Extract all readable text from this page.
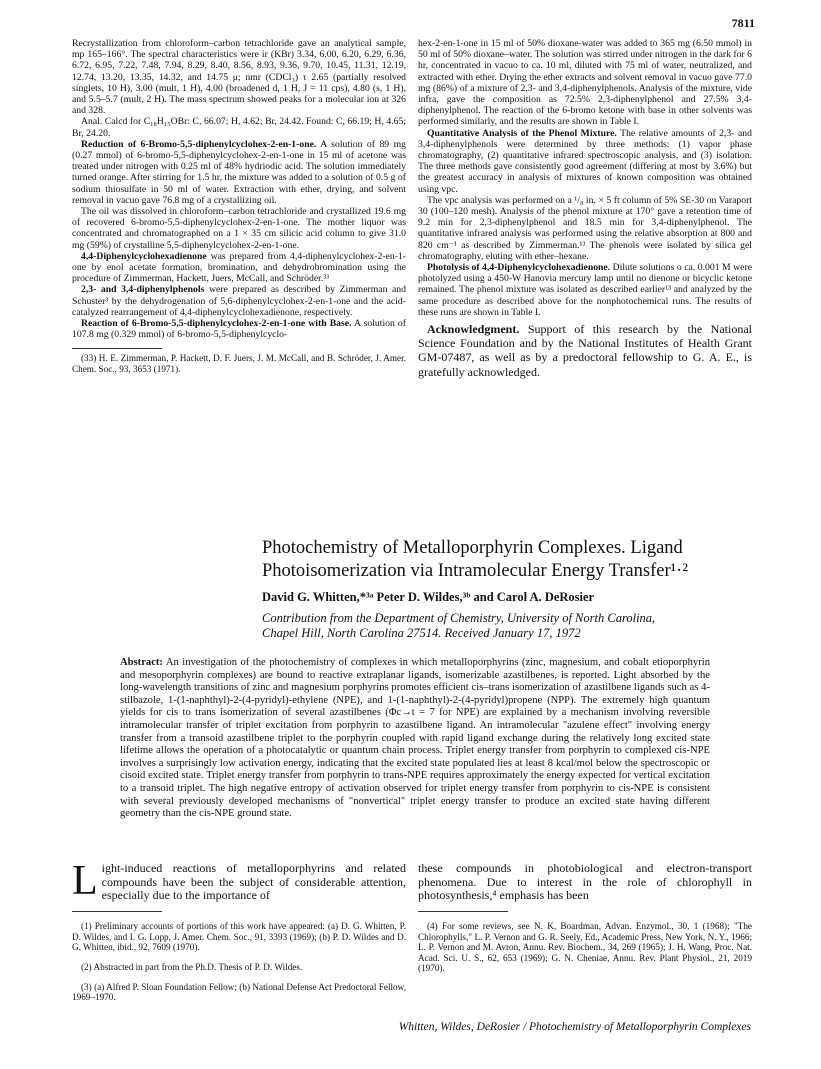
7811

Recrystallization from chloroform–carbon tetrachloride gave an analytical sample, mp 165–166°. The spectral characteristics were ir (KBr) 3.34, 6.00, 6.20, 6.29, 6.36, 6.72, 6.95, 7.22, 7.48, 7.94, 8.29, 8.40, 8.56, 8.93, 9.36, 9.70, 10.45, 11.31, 12.19, 12.74, 13.20, 13.35, 14.32, and 14.75 μ; nmr (CDCl₃) τ 2.65 (partially resolved singlets, 10 H), 3.00 (mult, 1 H), 4.00 (broadened d, 1 H, J = 11 cps), 4.80 (s, 1 H), and 5.5–5.7 (mult, 2 H). The mass spectrum showed peaks for a molecular ion at 326 and 328.

Anal. Calcd for C₁₈H₁₅OBr: C, 66.07; H, 4.62; Br, 24.42. Found: C, 66.19; H, 4.65; Br, 24.20.

Reduction of 6-Bromo-5,5-diphenylcyclohex-2-en-1-one. A solution of 89 mg (0.27 mmol) of 6-bromo-5,5-diphenylcyclohex-2-en-1-one in 15 ml of acetone was treated under nitrogen with 0.25 ml of 48% hydriodic acid. The solution immediately turned orange. After stirring for 1.5 hr, the mixture was added to a solution of 0.5 g of sodium thiosulfate in 50 ml of water. Extraction with ether, drying, and solvent removal in vacuo gave 76.8 mg of a crystallizing oil.

The oil was dissolved in chloroform–carbon tetrachloride and crystallized 19.6 mg of recovered 6-bromo-5,5-diphenylcyclohex-2-en-1-one. The mother liquor was concentrated and chromatographed on a 1 × 35 cm silicic acid column to give 31.0 mg (59%) of crystalline 5,5-diphenylcyclohex-2-en-1-one.

4,4-Diphenylcyclohexadienone was prepared from 4,4-diphenylcyclohex-2-en-1-one by enol acetate formation, bromination, and dehydrobromination using the procedure of Zimmerman, Hackett, Juers, McCall, and Schröder.³³

2,3- and 3,4-diphenylphenols were prepared as described by Zimmerman and Schuster³ by the dehydrogenation of 5,6-diphenylcyclohex-2-en-1-one and the acid-catalyzed rearrangement of 4,4-diphenylcyclohexadienone, respectively.

Reaction of 6-Bromo-5,5-diphenylcyclohex-2-en-1-one with Base. A solution of 107.8 mg (0.329 mmol) of 6-bromo-5,5-diphenylcyclo-

(33) H. E. Zimmerman, P. Hackett, D. F. Juers, J. M. McCall, and B. Schröder, J. Amer. Chem. Soc., 93, 3653 (1971).

hex-2-en-1-one in 15 ml of 50% dioxane-water was added to 365 mg (6.50 mmol) in 50 ml of 50% dioxane–water. The solution was stirred under nitrogen in the dark for 6 hr, concentrated in vacuo to ca. 10 ml, diluted with 75 ml of water, neutralized, and extracted with ether. Drying the ether extracts and solvent removal in vacuo gave 77.0 mg (86%) of a mixture of 2,3- and 3,4-diphenylphenols. Analysis of the mixture, vide infra, gave the composition as 72.5% 2,3-diphenylphenol and 27.5% 3,4-diphenylphenol. The reaction of the 6-bromo ketone with base in other solvents was performed similarly, and the results are shown in Table I.

Quantitative Analysis of the Phenol Mixture. The relative amounts of 2,3- and 3,4-diphenylphenols were determined by three methods: (1) vapor phase chromatography, (2) quantitative infrared spectroscopic analysis, and (3) isolation. The three methods gave consistently good agreement (differing at most by 3.6%) but the greatest accuracy in analysis of mixtures of known composition was obtained using vpc.

The vpc analysis was performed on a ¹/₈ in. × 5 ft column of 5% SE-30 on Varaport 30 (100–120 mesh). Analysis of the phenol mixture at 170° gave a retention time of 9.2 min for 2,3-diphenylphenol and 18.5 min for 3,4-diphenylphenol. The quantitative infrared analysis was performed using the relative absorption at 800 and 820 cm⁻¹ as described by Zimmerman.¹³ The phenols were isolated by silica gel chromatography, eluting with ether–hexane.

Photolysis of 4,4-Diphenylcyclohexadienone. Dilute solutions o ca. 0.001 M were photolyzed using a 450-W Hanovia mercury lamp until no dienone or bicyclic ketone remained. The phenol mixture was isolated as described earlier¹³ and analyzed by the same procedure as described above for the nonphotochemical runs. The results of these runs are shown in Table I.

Acknowledgment. Support of this research by the National Science Foundation and by the National Institutes of Health Grant GM-07487, as well as by a predoctoral fellowship to G. A. E., is gratefully acknowledged.

Photochemistry of Metalloporphyrin Complexes. Ligand
Photoisomerization via Intramolecular Energy Transfer¹·²
David G. Whitten,*³ᵃ Peter D. Wildes,³ᵇ and Carol A. DeRosier
Contribution from the Department of Chemistry, University of North Carolina,
Chapel Hill, North Carolina 27514. Received January 17, 1972
Abstract: An investigation of the photochemistry of complexes in which metalloporphyrins (zinc, magnesium, and cobalt etioporphyrin and mesoporphyrin complexes) are bound to reactive extraplanar ligands, isomerizable azastilbenes, is reported. Light absorbed by the long-wavelength transitions of zinc and magnesium porphyrins promotes efficient cis–trans isomerization of azastilbene ligands such as 4-stilbazole, 1-(1-naphthyl)-2-(4-pyridyl)-ethylene (NPE), and 1-(1-naphthyl)-2-(4-pyridyl)propene (NPP). The extremely high quantum yields for cis to trans isomerization of several azastilbenes (Φc→t = 7 for NPE) are explained by a mechanism involving reversible intramolecular transfer of triplet excitation from porphyrin to azastilbene ligand. An intramolecular "azulene effect" involving energy transfer from a transoid azastilbene triplet to the porphyrin coupled with rapid ligand exchange during the relatively long excited state lifetime allows the operation of a photocatalytic or quantum chain process. Triplet energy transfer from porphyrin to complexed cis-NPE involves a surprisingly low activation energy, indicating that the excited state populated lies at least 8 kcal/mol below the spectroscopic or cisoid excited state. Triplet energy transfer from porphyrin to trans-NPE requires approximately the energy expected for vertical excitation to a transoid triplet. The high negative entropy of activation observed for triplet energy transfer from porphyrin to cis-NPE is consistent with several previously developed mechanisms of "nonvertical" triplet energy transfer to produce an excited state having different geometry than the cis-NPE ground state.

Light-induced reactions of metalloporphyrins and related compounds have been the subject of considerable attention, especially due to the importance of

(1) Preliminary accounts of portions of this work have appeared: (a) D. G. Whitten, P. D. Wildes, and I. G. Lopp, J. Amer. Chem. Soc., 91, 3393 (1969); (b) P. D. Wildes and D. G. Whitten, ibid., 92, 7609 (1970).

(2) Abstracted in part from the Ph.D. Thesis of P. D. Wildes.

(3) (a) Alfred P. Sloan Foundation Fellow; (b) National Defense Act Predoctoral Fellow, 1969–1970.

these compounds in photobiological and electron-transport phenomena. Due to interest in the role of chlorophyll in photosynthesis,⁴ emphasis has been

(4) For some reviews, see N. K, Boardman, Advan. Enzymol., 30, 1 (1968); "The Chlorophylls," L. P. Vernon and G. R. Seely, Ed., Academic Press, New York, N. Y., 1966; L. P. Vernon and M. Avron, Annu. Rev. Biochem., 34, 269 (1965); J. H. Wang, Proc. Nat. Acad. Sci. U. S., 62, 653 (1969); G. N. Cheniae, Annu. Rev. Plant Physiol., 21, 2019 (1970).

Whitten, Wildes, DeRosier / Photochemistry of Metalloporphyrin Complexes
